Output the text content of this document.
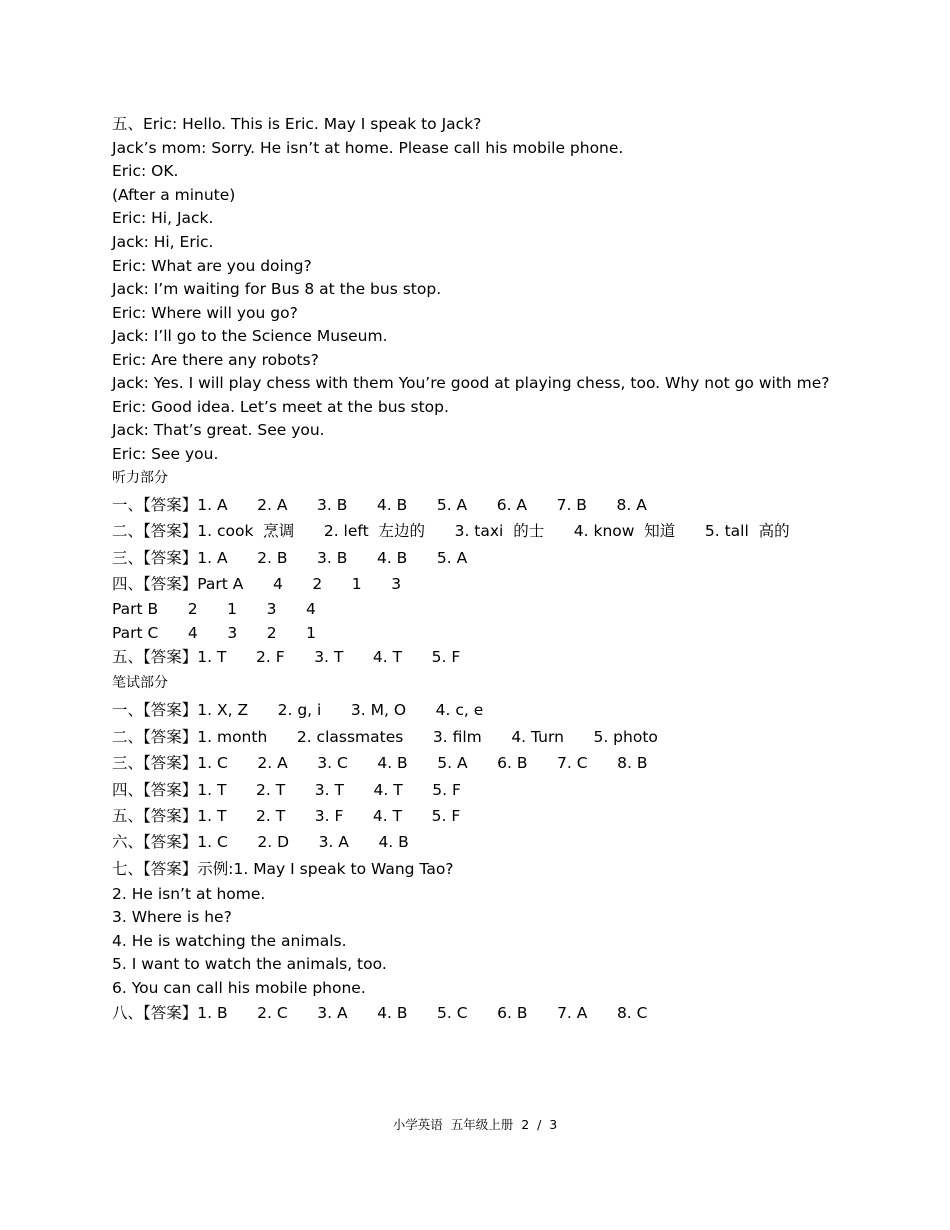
五、Eric: Hello. This is Eric. May I speak to Jack?
Jack’s mom: Sorry. He isn’t at home. Please call his mobile phone.
Eric: OK.
(After a minute)
Eric: Hi, Jack.
Jack: Hi, Eric.
Eric: What are you doing?
Jack: I’m waiting for Bus 8 at the bus stop.
Eric: Where will you go?
Jack: I’ll go to the Science Museum.
Eric: Are there any robots?
Jack: Yes. I will play chess with them You’re good at playing chess, too. Why not go with me?
Eric: Good idea. Let’s meet at the bus stop.
Jack: That’s great. See you.
Eric: See you.
听力部分
一、【答案】1. A      2. A      3. B      4. B      5. A      6. A      7. B      8. A
二、【答案】1. cook  烹调      2. left  左边的      3. taxi  的士      4. know  知道      5. tall  高的
三、【答案】1. A      2. B      3. B      4. B      5. A
四、【答案】Part A      4      2      1      3
Part B      2      1      3      4
Part C      4      3      2      1
五、【答案】1. T      2. F      3. T      4. T      5. F
笔试部分
一、【答案】1. X, Z      2. g, i      3. M, O      4. c, e
二、【答案】1. month      2. classmates      3. film      4. Turn      5. photo
三、【答案】1. C      2. A      3. C      4. B      5. A      6. B      7. C      8. B
四、【答案】1. T      2. T      3. T      4. T      5. F
五、【答案】1. T      2. T      3. F      4. T      5. F
六、【答案】1. C      2. D      3. A      4. B
七、【答案】示例:1. May I speak to Wang Tao?
2. He isn’t at home.
3. Where is he?
4. He is watching the animals.
5. I want to watch the animals, too.
6. You can call his mobile phone.
八、【答案】1. B      2. C      3. A      4. B      5. C      6. B      7. A      8. C
小学英语  五年级上册  2  /  3
